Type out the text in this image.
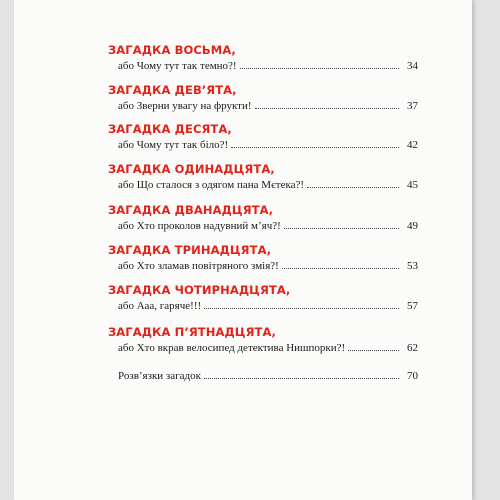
ЗАГАДКА ВОСЬМА,
або Чому тут так темно?!	34
ЗАГАДКА ДЕВ’ЯТА,
або Зверни увагу на фрукти!	37
ЗАГАДКА ДЕСЯТА,
або Чому тут так біло?!	42
ЗАГАДКА ОДИНАДЦЯТА,
або Що сталося з одягом пана Мєтека?!	45
ЗАГАДКА ДВАНАДЦЯТА,
або Хто проколов надувний м’яч?!	49
ЗАГАДКА ТРИНАДЦЯТА,
або Хто зламав повітряного змія?!	53
ЗАГАДКА ЧОТИРНАДЦЯТА,
або Ааа, гаряче!!!	57
ЗАГАДКА П’ЯТНАДЦЯТА,
або Хто вкрав велосипед детектива Нишпорки?!	62
Розв’язки загадок	70
